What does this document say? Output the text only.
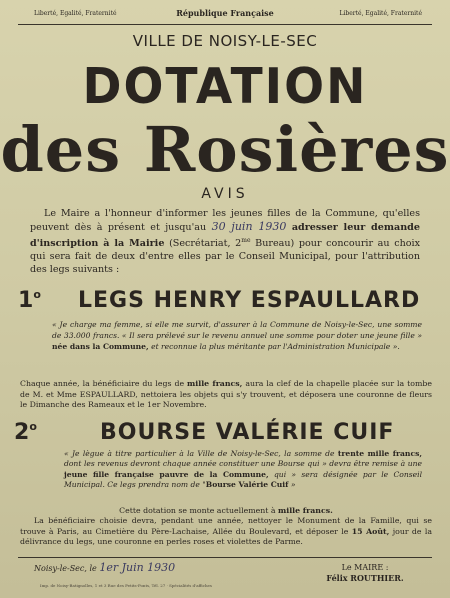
Liberté, Egalité, Fraternité	République Française	Liberté, Egalité, Fraternité
VILLE DE NOISY-LE-SEC
DOTATION
des Rosières
AVIS

Le Maire a l'honneur d'informer les jeunes filles de la Commune, qu'elles peuvent dès à présent et jusqu'au 30 juin 1930 adresser leur demande d'inscription à la Mairie (Secrétariat, $2^{me}$ Bureau) pour concourir au choix qui sera fait de deux d'entre elles par le Conseil Municipal, pour l'attribution des legs suivants :

1$^o$ LEGS HENRY ESPAULLARD
« Je charge ma femme, si elle me survit, d'assurer à la Commune de Noisy-le-Sec, une somme de 33.000 francs. « Il sera prélevé sur le revenu annuel une somme pour doter une jeune fille » née dans la Commune, et reconnue la plus méritante par l'Administration Municipale ».
Chaque année, la bénéficiaire du legs de mille francs, aura la clef de la chapelle placée sur la tombe de M. et Mme ESPAULLARD, nettoiera les objets qui s'y trouvent, et déposera une couronne de fleurs le Dimanche des Rameaux et le 1er Novembre.
2$^o$	BOURSE VALÉRIE CUIF
« Je lègue à titre particulier à la Ville de Noisy-le-Sec, la somme de trente mille francs, dont les revenus devront chaque année constituer une Bourse qui » devra être remise à une jeune fille française pauvre de la Commune, qui » sera désignée par le Conseil Municipal. Ce legs prendra nom de "Bourse Valérie Cuif »

Cette dotation se monte actuellement à mille francs.

La bénéficiaire choisie devra, pendant une année, nettoyer le Monument de la Famille, qui se trouve à Paris, au Cimetière du Père-Lachaise, Allée du Boulevard, et déposer le 15 Août, jour de la délivrance du legs, une couronne en perles roses et violettes de Parme.

Noisy-le-Sec, le 1er Juin 1930	Le MAIRE :
Félix ROUTHIER.
Imp. de Noisy-Batignolles, 1 et 3 Rue des Petits-Ponts, Tél. 27 · Spécialités d'affiches
